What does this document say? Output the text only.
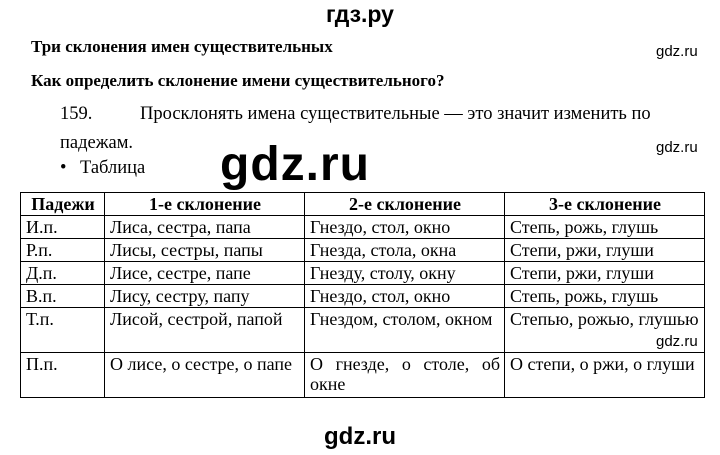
гдз.ру
Три склонения имен существительных	gdz.ru
Как определить склонение имени существительного?
159.	Просклонять имена существительные — это значит изменить по
падежам.	gdz.ru
• Таблица gdz.ru
Падежи	1-е склонение	2-е склонение	3-е склонение
И.п.	Лиса, сестра, папа	Гнездо, стол, окно	Степь, рожь, глушь
Р.п.	Лисы, сестры, папы	Гнезда, стола, окна	Степи, ржи, глуши
Д.п.	Лисе, сестре, папе	Гнезду, столу, окну	Степи, ржи, глуши
В.п.	Лису, сестру, папу	Гнездо, стол, окно	Степь, рожь, глушь
Т.п.	Лисой, сестрой, папой	Гнездом, столом, окном	Степью, рожью, глушью
П.п.	О лисе, о сестре, о папе	О гнезде, о столе, об окне	О степи, о ржи, о глуши
gdz.ru
gdz.ru
